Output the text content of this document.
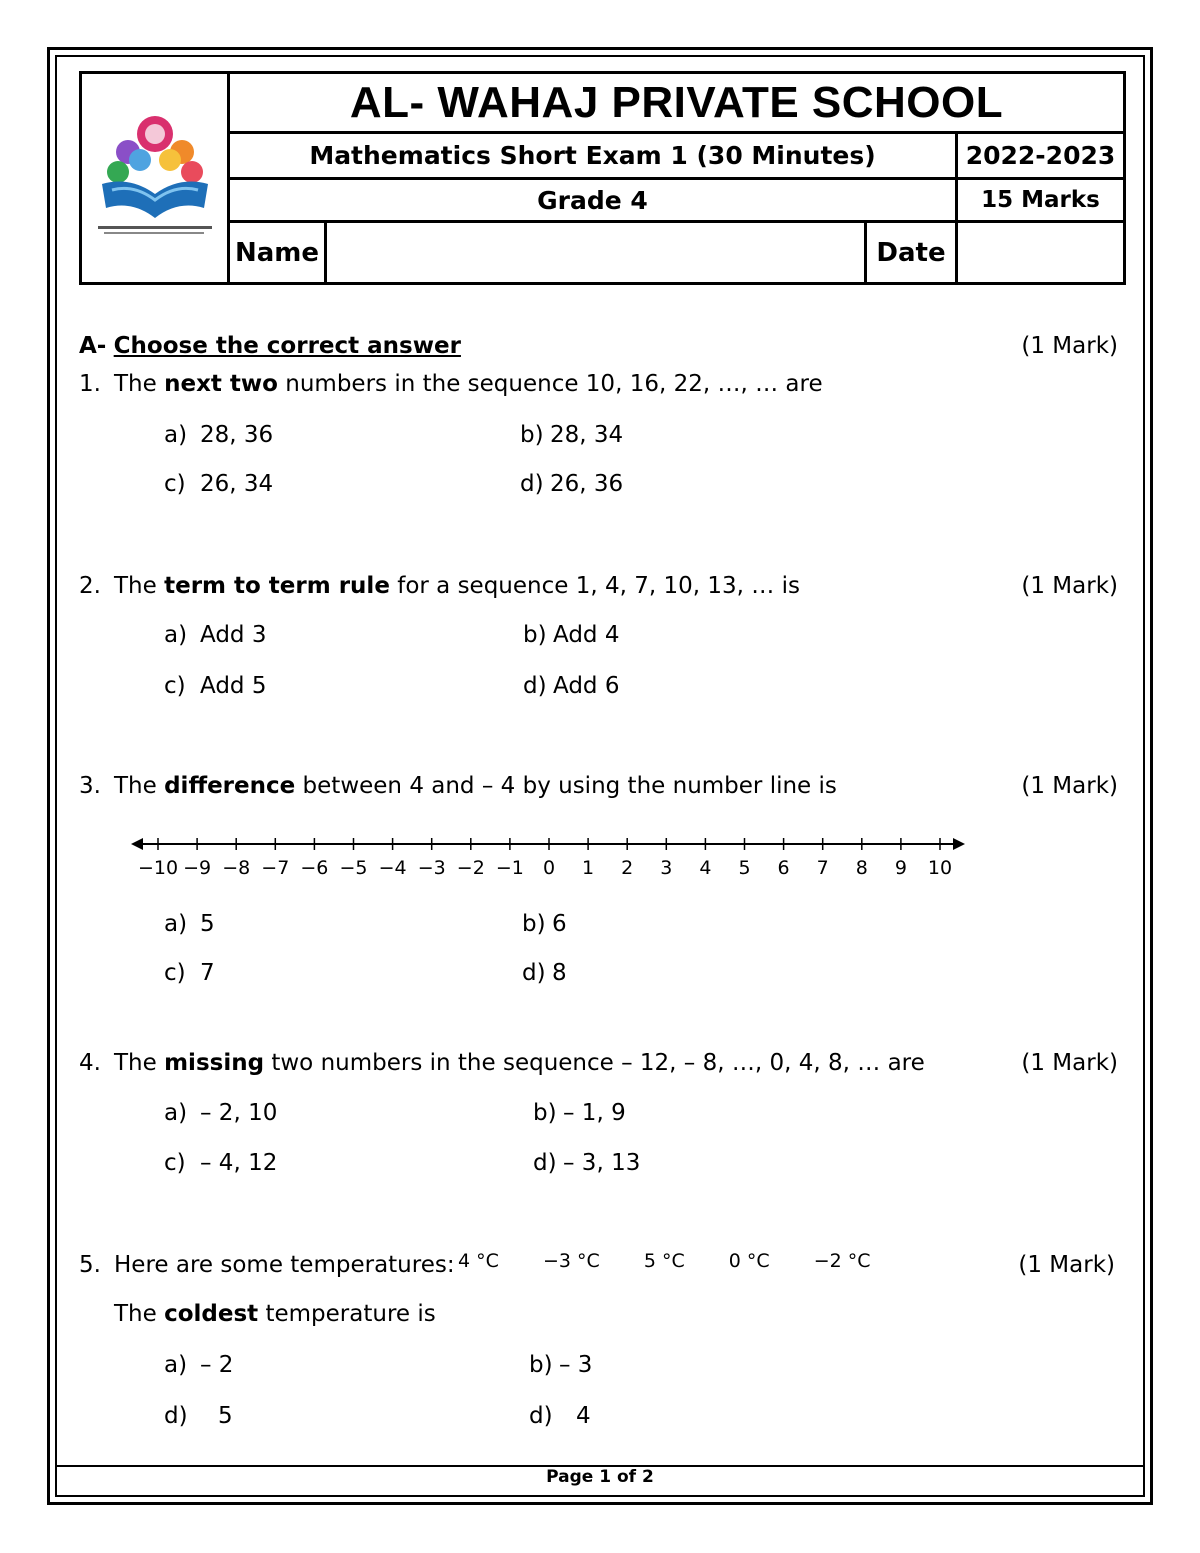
AL- WAHAJ PRIVATE SCHOOL
Mathematics Short Exam 1 (30 Minutes)	2022-2023
Grade 4	15 Marks
Name	Date
A- Choose the correct answer	(1 Mark)
1. The next two numbers in the sequence 10, 16, 22, …, … are
a) 28, 36	b) 28, 34
c) 26, 34	d) 26, 36
2. The term to term rule for a sequence 1, 4, 7, 10, 13, … is	(1 Mark)
a) Add 3	b) Add 4
c) Add 5	d) Add 6
3. The difference between 4 and – 4 by using the number line is	(1 Mark)
−10 −9 −8 −7 −6 −5 −4 −3 −2 −1 0 1 2 3 4 5 6 7 8 9 10
a) 5	b) 6
c) 7	d) 8
4. The missing two numbers in the sequence – 12, – 8, …, 0, 4, 8, … are	(1 Mark)
a) – 2, 10	b) – 1, 9
c) – 4, 12	d) – 3, 13
5. Here are some temperatures: 4 °C −3 °C 5 °C 0 °C −2 °C	(1 Mark)
The coldest temperature is
a) – 2	b) – 3
d) 5	d) 4
Page 1 of 2
